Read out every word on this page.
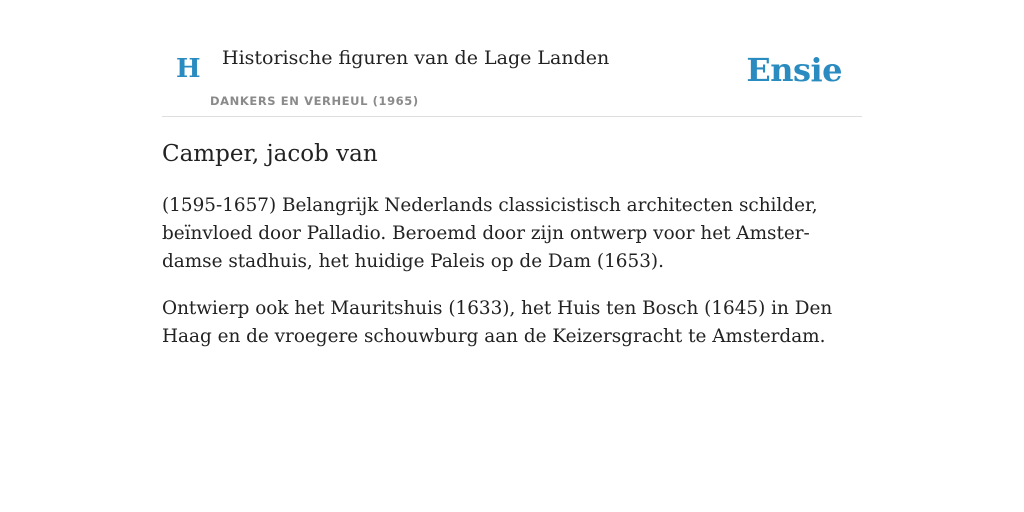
H Historische figuren van de Lage Landen
DANKERS EN VERHEUL (1965)
Ensie
Camper, jacob van

(1595-1657) Belangrijk Nederlands classicistisch architecten schilder, beïnvloed door Palladio. Beroemd door zijn ontwerp voor het Amster- damse stadhuis, het huidige Paleis op de Dam (1653).

Ontwierp ook het Mauritshuis (1633), het Huis ten Bosch (1645) in Den Haag en de vroegere schouwburg aan de Keizersgracht te Amsterdam.
